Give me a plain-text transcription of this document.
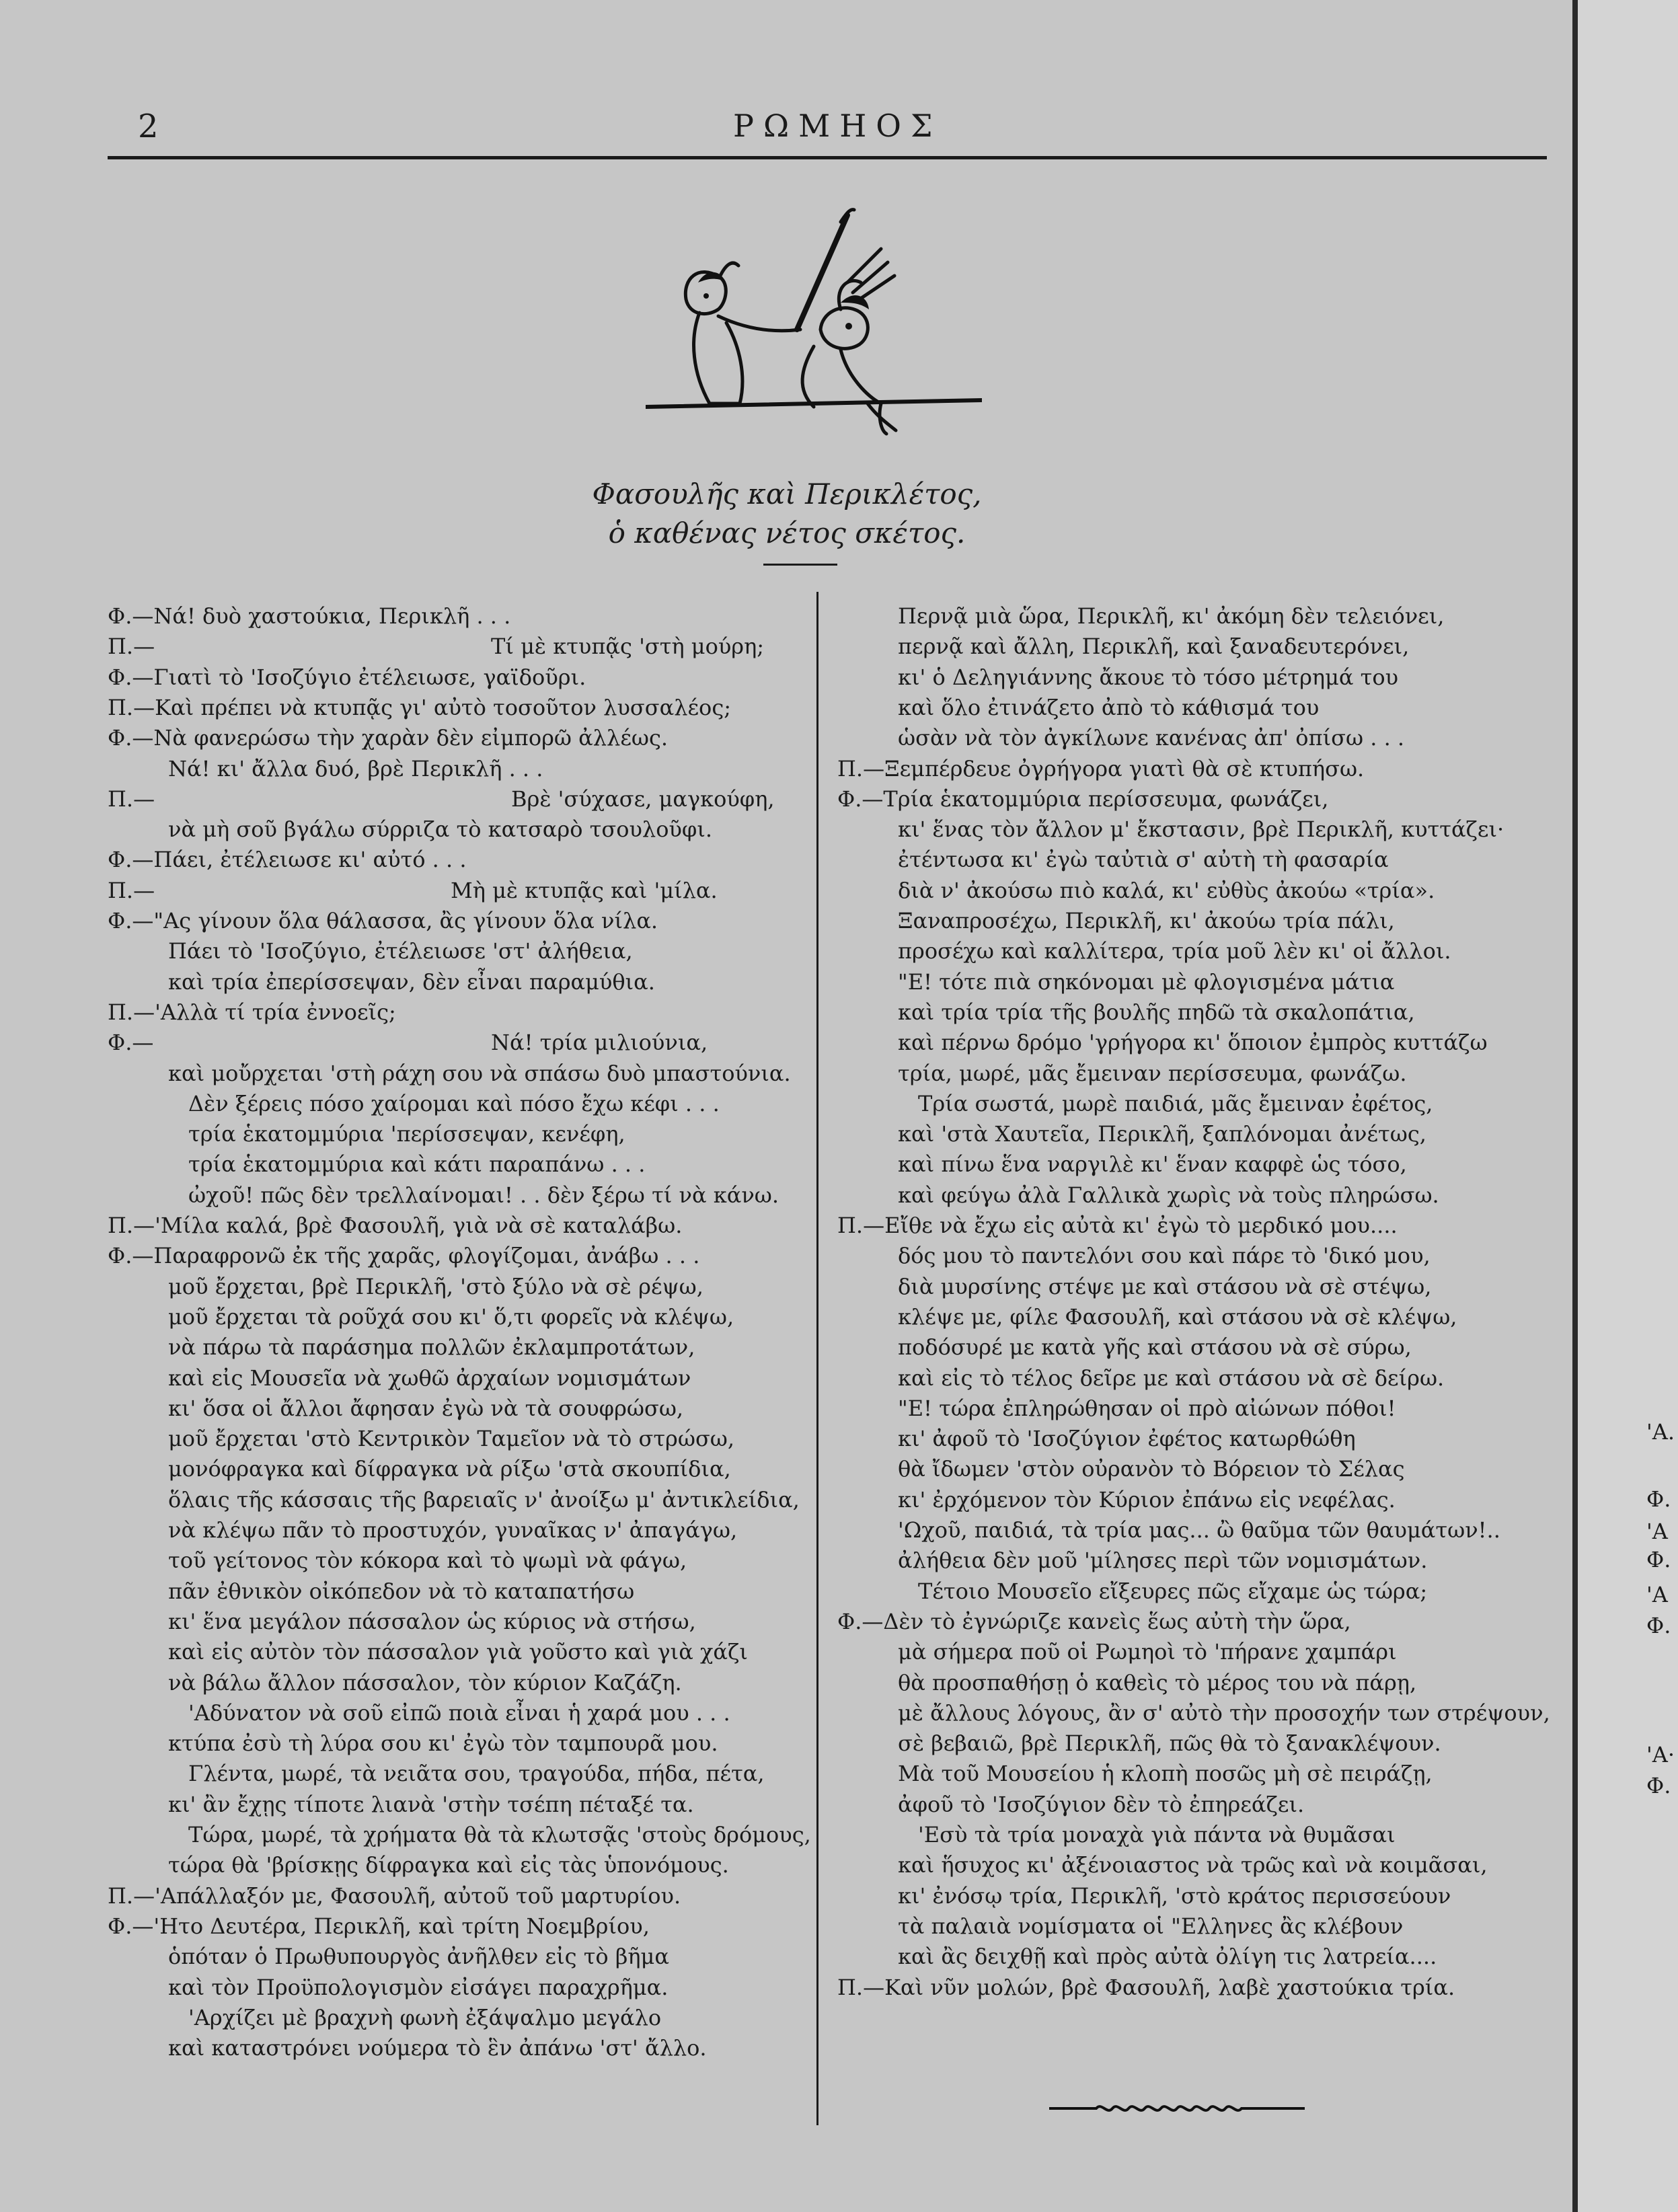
2	ΡΩΜΗΟΣ
Φασουλῆς καὶ Περικλέτος,
ὁ καθένας νέτος σκέτος.
Φ.—Νά! δυὸ χαστούκια, Περικλῆ . . .
Π.—	Τί μὲ κτυπᾷς 'στὴ μούρη;
Φ.—Γιατὶ τὸ 'Ισοζύγιο ἐτέλειωσε, γαϊδοῦρι.
Π.—Καὶ πρέπει νὰ κτυπᾷς γι' αὐτὸ τοσοῦτον λυσσαλέος;
Φ.—Νὰ φανερώσω τὴν χαρὰν δὲν εἰμπορῶ ἀλλέως.
Νά! κι' ἄλλα δυό, βρὲ Περικλῆ . . .
Π.—	Βρὲ 'σύχασε, μαγκούφη,
νὰ μὴ σοῦ βγάλω σύρριζα τὸ κατσαρὸ τσουλοῦφι.
Φ.—Πάει, ἐτέλειωσε κι' αὐτό . . .
Π.—	Μὴ μὲ κτυπᾷς καὶ 'μίλα.
Φ.—"Ας γίνουν ὅλα θάλασσα, ἂς γίνουν ὅλα νίλα.
Πάει τὸ 'Ισοζύγιο, ἐτέλειωσε 'στ' ἀλήθεια,
καὶ τρία ἐπερίσσεψαν, δὲν εἶναι παραμύθια.
Π.—'Αλλὰ τί τρία ἐννοεῖς;
Φ.—	Νά! τρία μιλιούνια,
καὶ μοὔρχεται 'στὴ ράχη σου νὰ σπάσω δυὸ μπαστούνια.
Δὲν ξέρεις πόσο χαίρομαι καὶ πόσο ἔχω κέφι . . .
τρία ἑκατομμύρια 'περίσσεψαν, κενέφη,
τρία ἑκατομμύρια καὶ κάτι παραπάνω . . .
ὠχοῦ! πῶς δὲν τρελλαίνομαι! . . δὲν ξέρω τί νὰ κάνω.
Π.—'Μίλα καλά, βρὲ Φασουλῆ, γιὰ νὰ σὲ καταλάβω.
Φ.—Παραφρονῶ ἐκ τῆς χαρᾶς, φλογίζομαι, ἀνάβω . . .
μοῦ ἔρχεται, βρὲ Περικλῆ, 'στὸ ξύλο νὰ σὲ ρέψω,
μοῦ ἔρχεται τὰ ροῦχά σου κι' ὅ,τι φορεῖς νὰ κλέψω,
νὰ πάρω τὰ παράσημα πολλῶν ἐκλαμπροτάτων,
καὶ εἰς Μουσεῖα νὰ χωθῶ ἀρχαίων νομισμάτων
κι' ὅσα οἱ ἄλλοι ἄφησαν ἐγὼ νὰ τὰ σουφρώσω,
μοῦ ἔρχεται 'στὸ Κεντρικὸν Ταμεῖον νὰ τὸ στρώσω,
μονόφραγκα καὶ δίφραγκα νὰ ρίξω 'στὰ σκουπίδια,
ὅλαις τῆς κάσσαις τῆς βαρειαῖς ν' ἀνοίξω μ' ἀντικλείδια,
νὰ κλέψω πᾶν τὸ προστυχόν, γυναῖκας ν' ἀπαγάγω,
τοῦ γείτονος τὸν κόκορα καὶ τὸ ψωμὶ νὰ φάγω,
πᾶν ἐθνικὸν οἰκόπεδον νὰ τὸ καταπατήσω
κι' ἕνα μεγάλον πάσσαλον ὡς κύριος νὰ στήσω,
καὶ εἰς αὐτὸν τὸν πάσσαλον γιὰ γοῦστο καὶ γιὰ χάζι
νὰ βάλω ἄλλον πάσσαλον, τὸν κύριον Καζάζη.
'Αδύνατον νὰ σοῦ εἰπῶ ποιὰ εἶναι ἡ χαρά μου . . .
κτύπα ἐσὺ τὴ λύρα σου κι' ἐγὼ τὸν ταμπουρᾶ μου.
Γλέντα, μωρέ, τὰ νειᾶτα σου, τραγούδα, πήδα, πέτα,
κι' ἂν ἔχῃς τίποτε λιανὰ 'στὴν τσέπη πέταξέ τα.
Τώρα, μωρέ, τὰ χρήματα θὰ τὰ κλωτσᾷς 'στοὺς δρόμους,
τώρα θὰ 'βρίσκῃς δίφραγκα καὶ εἰς τὰς ὑπονόμους.
Π.—'Απάλλαξόν με, Φασουλῆ, αὐτοῦ τοῦ μαρτυρίου.
Φ.—'Ητο Δευτέρα, Περικλῆ, καὶ τρίτη Νοεμβρίου,
ὁπόταν ὁ Πρωθυπουργὸς ἀνῆλθεν εἰς τὸ βῆμα
καὶ τὸν Προϋπολογισμὸν εἰσάγει παραχρῆμα.
'Αρχίζει μὲ βραχνὴ φωνὴ ἐξάψαλμο μεγάλο
καὶ καταστρόνει νούμερα τὸ ἓν ἀπάνω 'στ' ἄλλο.
Περνᾷ μιὰ ὥρα, Περικλῆ, κι' ἀκόμη δὲν τελειόνει,
περνᾷ καὶ ἄλλη, Περικλῆ, καὶ ξαναδευτερόνει,
κι' ὁ Δεληγιάννης ἄκουε τὸ τόσο μέτρημά του
καὶ ὅλο ἐτινάζετο ἀπὸ τὸ κάθισμά του
ὡσὰν νὰ τὸν ἀγκίλωνε κανένας ἀπ' ὀπίσω . . .
Π.—Ξεμπέρδευε ὀγρήγορα γιατὶ θὰ σὲ κτυπήσω.
Φ.—Τρία ἑκατομμύρια περίσσευμα, φωνάζει,
κι' ἕνας τὸν ἄλλον μ' ἔκστασιν, βρὲ Περικλῆ, κυττάζει·
ἐτέντωσα κι' ἐγὼ ταὐτιὰ σ' αὐτὴ τὴ φασαρία
διὰ ν' ἀκούσω πιὸ καλά, κι' εὐθὺς ἀκούω «τρία».
Ξαναπροσέχω, Περικλῆ, κι' ἀκούω τρία πάλι,
προσέχω καὶ καλλίτερα, τρία μοῦ λὲν κι' οἱ ἄλλοι.
"Ε! τότε πιὰ σηκόνομαι μὲ φλογισμένα μάτια
καὶ τρία τρία τῆς βουλῆς πηδῶ τὰ σκαλοπάτια,
καὶ πέρνω δρόμο 'γρήγορα κι' ὅποιον ἐμπρὸς κυττάζω
τρία, μωρέ, μᾶς ἔμειναν περίσσευμα, φωνάζω.
Τρία σωστά, μωρὲ παιδιά, μᾶς ἔμειναν ἐφέτος,
καὶ 'στὰ Χαυτεῖα, Περικλῆ, ξαπλόνομαι ἀνέτως,
καὶ πίνω ἕνα ναργιλὲ κι' ἕναν καφφὲ ὡς τόσο,
καὶ φεύγω ἀλὰ Γαλλικὰ χωρὶς νὰ τοὺς πληρώσω.
Π.—Εἴθε νὰ ἔχω εἰς αὐτὰ κι' ἐγὼ τὸ μερδικό μου....
δός μου τὸ παντελόνι σου καὶ πάρε τὸ 'δικό μου,
διὰ μυρσίνης στέψε με καὶ στάσου νὰ σὲ στέψω,
κλέψε με, φίλε Φασουλῆ, καὶ στάσου νὰ σὲ κλέψω,
ποδόσυρέ με κατὰ γῆς καὶ στάσου νὰ σὲ σύρω,
καὶ εἰς τὸ τέλος δεῖρε με καὶ στάσου νὰ σὲ δείρω.
"Ε! τώρα ἐπληρώθησαν οἱ πρὸ αἰώνων πόθοι!
κι' ἀφοῦ τὸ 'Ισοζύγιον ἐφέτος κατωρθώθη
θὰ ἴδωμεν 'στὸν οὐρανὸν τὸ Βόρειον τὸ Σέλας
κι' ἐρχόμενον τὸν Κύριον ἐπάνω εἰς νεφέλας.
'Ωχοῦ, παιδιά, τὰ τρία μας... ὢ θαῦμα τῶν θαυμάτων!..
ἀλήθεια δὲν μοῦ 'μίλησες περὶ τῶν νομισμάτων.
Τέτοιο Μουσεῖο εἴξευρες πῶς εἴχαμε ὡς τώρα;
Φ.—Δὲν τὸ ἐγνώριζε κανεὶς ἕως αὐτὴ τὴν ὥρα,
μὰ σήμερα ποῦ οἱ Ρωμηοὶ τὸ 'πήρανε χαμπάρι
θὰ προσπαθήσῃ ὁ καθεὶς τὸ μέρος του νὰ πάρῃ,
μὲ ἄλλους λόγους, ἂν σ' αὐτὸ τὴν προσοχήν των στρέψουν,
σὲ βεβαιῶ, βρὲ Περικλῆ, πῶς θὰ τὸ ξανακλέψουν.
Μὰ τοῦ Μουσείου ἡ κλοπὴ ποσῶς μὴ σὲ πειράζῃ,
ἀφοῦ τὸ 'Ισοζύγιον δὲν τὸ ἐπηρεάζει.
'Εσὺ τὰ τρία μοναχὰ γιὰ πάντα νὰ θυμᾶσαι
καὶ ἥσυχος κι' ἀξένοιαστος νὰ τρῶς καὶ νὰ κοιμᾶσαι,
κι' ἐνόσῳ τρία, Περικλῆ, 'στὸ κράτος περισσεύουν
τὰ παλαιὰ νομίσματα οἱ "Ελληνες ἂς κλέβουν
καὶ ἂς δειχθῇ καὶ πρὸς αὐτὰ ὀλίγη τις λατρεία....
Π.—Καὶ νῦν μολών, βρὲ Φασουλῆ, λαβὲ χαστούκια τρία.
'Α.
Φ.
'Α
Φ.
'Α
Φ.
'Α·
Φ.
